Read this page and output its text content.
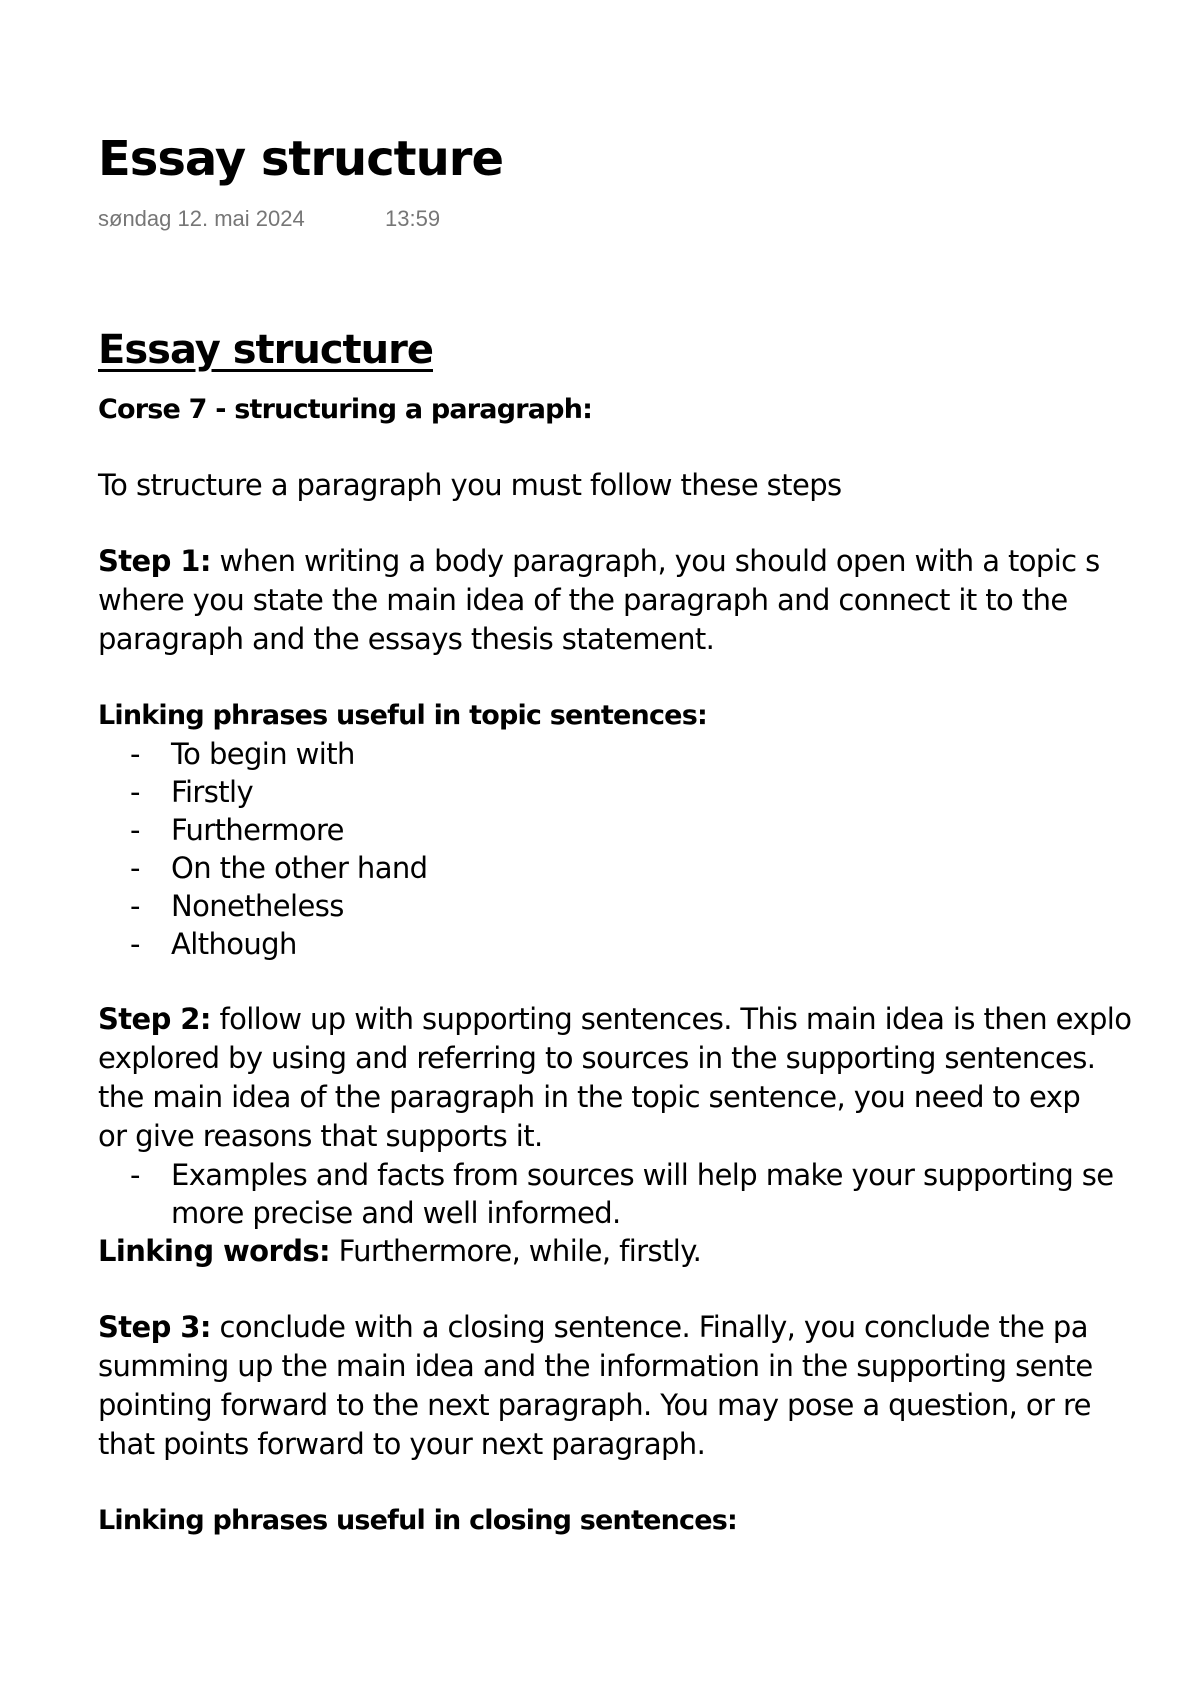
Essay structure
søndag 12. mai 2024	13:59

Essay structure

Corse 7 - structuring a paragraph:

To structure a paragraph you must follow these steps

Step 1: when writing a body paragraph, you should open with a topic s

where you state the main idea of the paragraph and connect it to the

paragraph and the essays thesis statement.

Linking phrases useful in topic sentences:

- To begin with
- Firstly
- Furthermore
- On the other hand
- Nonetheless
- Although

Step 2: follow up with supporting sentences. This main idea is then explo

explored by using and referring to sources in the supporting sentences.

the main idea of the paragraph in the topic sentence, you need to exp

or give reasons that supports it.

- Examples and facts from sources will help make your supporting se
more precise and well informed.

Linking words: Furthermore, while, firstly.

Step 3: conclude with a closing sentence. Finally, you conclude the pa

summing up the main idea and the information in the supporting sente

pointing forward to the next paragraph. You may pose a question, or re

that points forward to your next paragraph.

Linking phrases useful in closing sentences:
